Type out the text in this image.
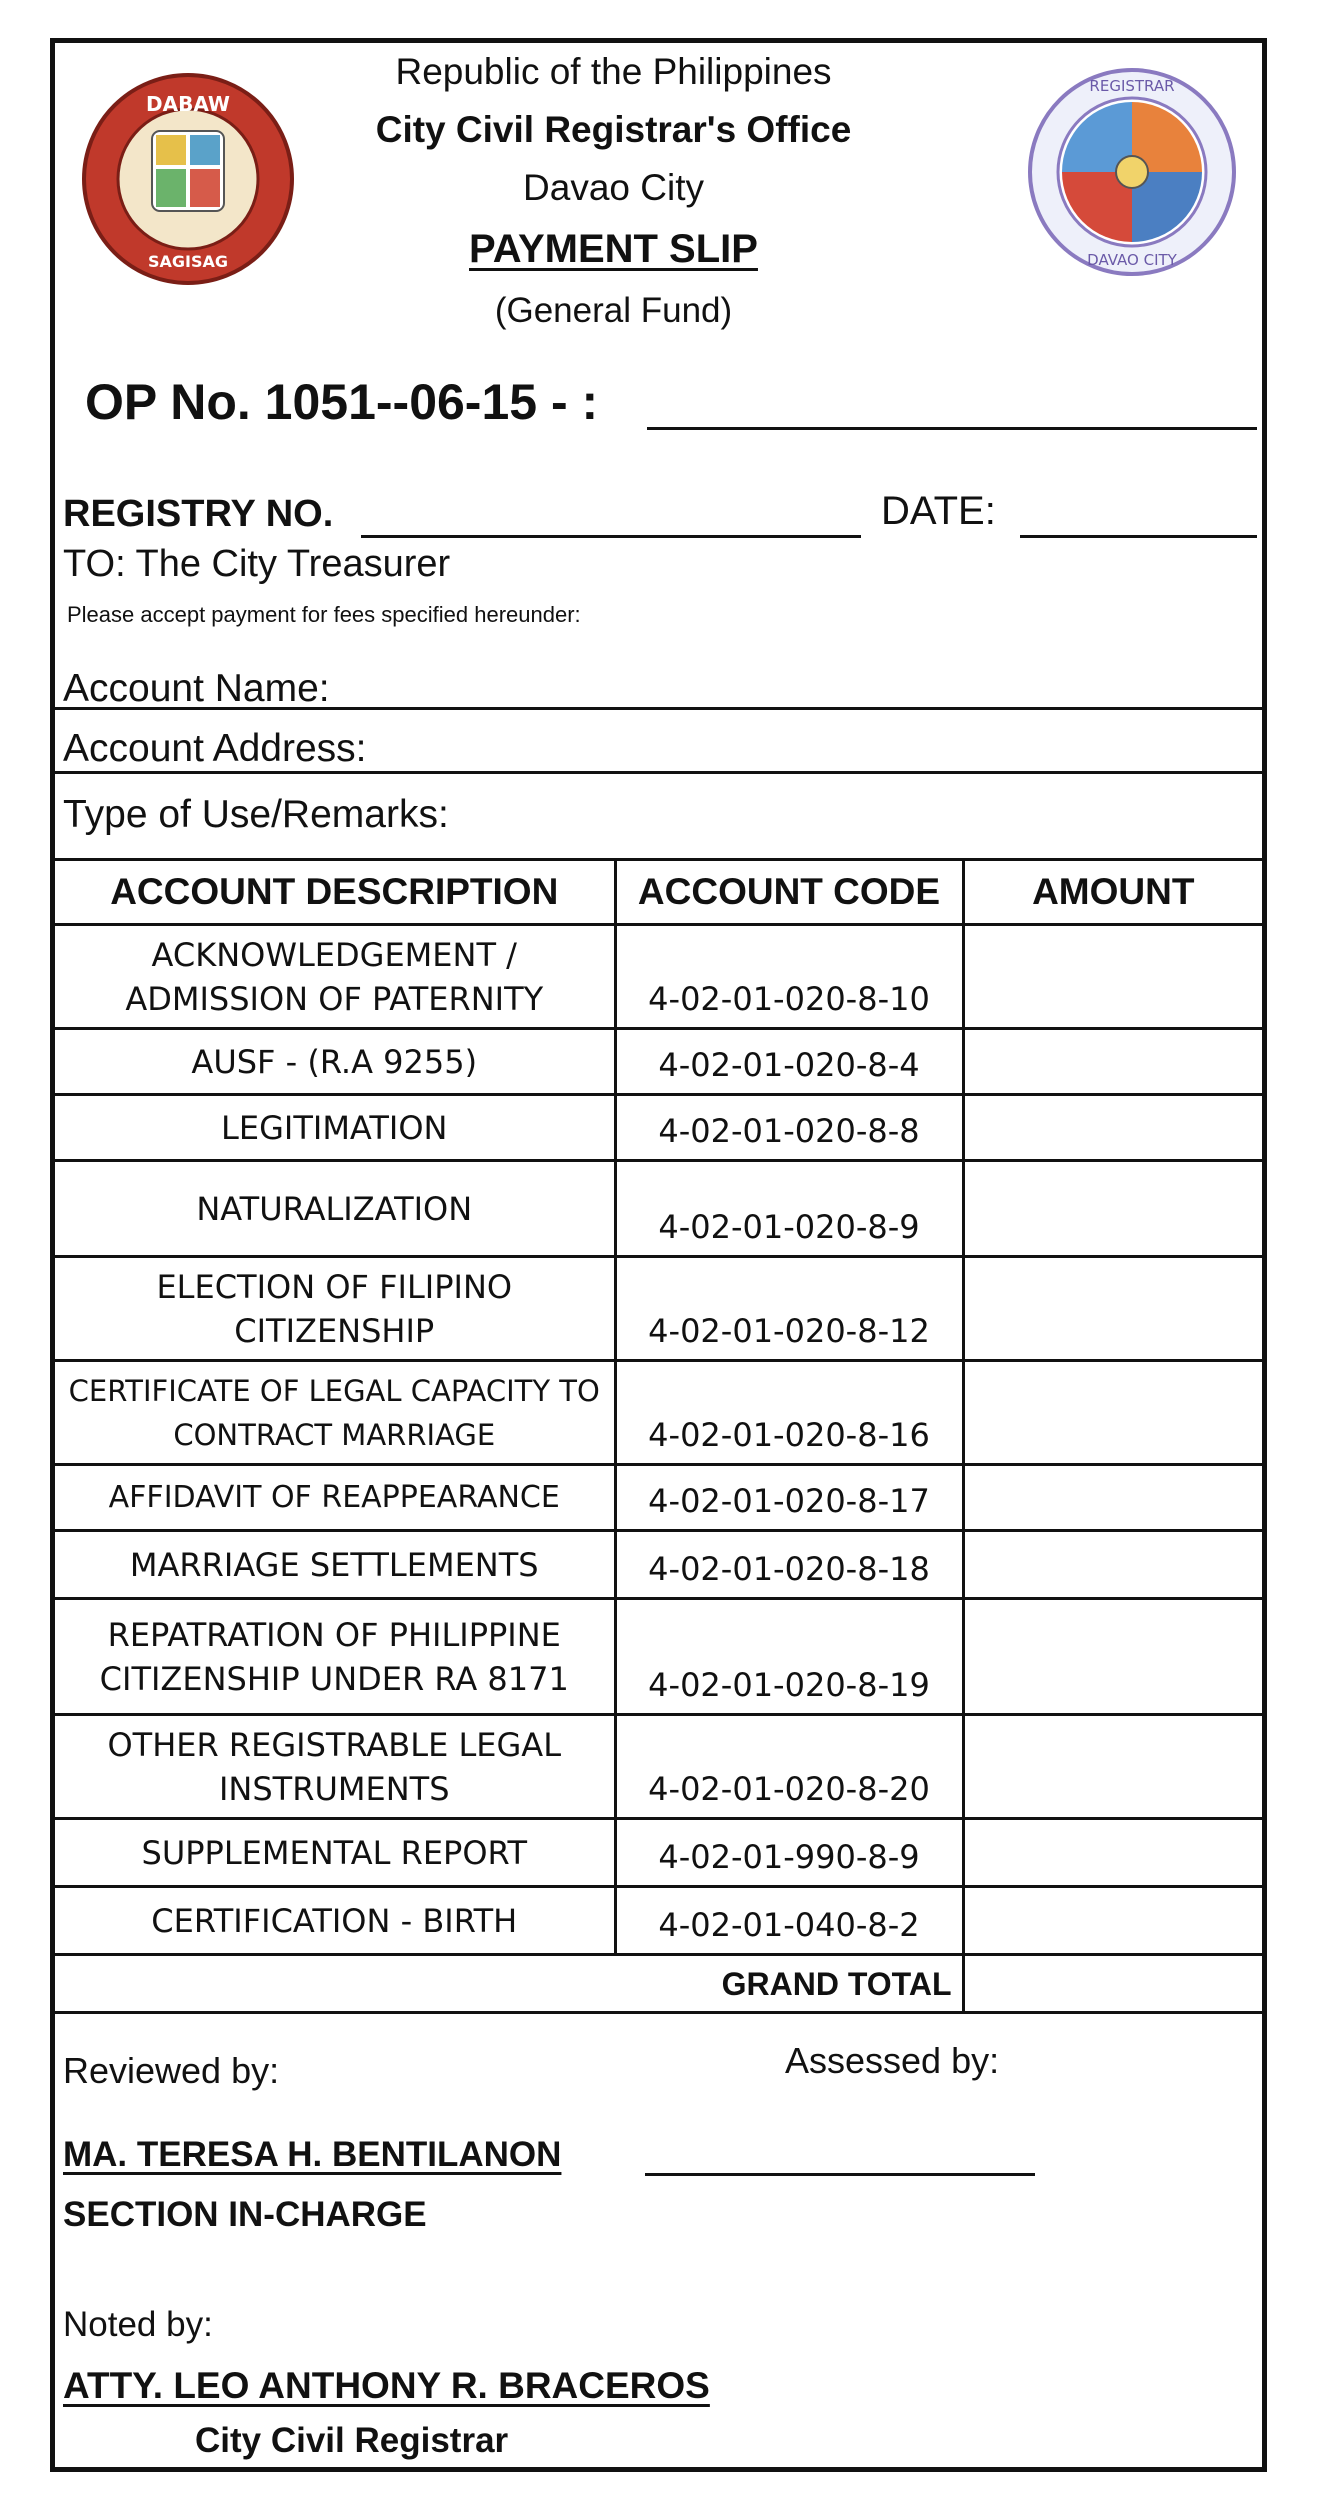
DABAW
SAGISAG
REGISTRAR
DAVAO CITY
Republic of the Philippines
City Civil Registrar's Office
Davao City
PAYMENT SLIP
(General Fund)
OP No. 1051--06-15 - :
REGISTRY NO.	DATE:
TO: The City Treasurer
Please accept payment for fees specified hereunder:
Account Name:
Account Address:
Type of Use/Remarks:
ACCOUNT DESCRIPTION	ACCOUNT CODE	AMOUNT
ACKNOWLEDGEMENT / ADMISSION OF PATERNITY	4-02-01-020-8-10	
AUSF - (R.A 9255)	4-02-01-020-8-4	
LEGITIMATION	4-02-01-020-8-8	
NATURALIZATION	4-02-01-020-8-9	
ELECTION OF FILIPINO CITIZENSHIP	4-02-01-020-8-12	
CERTIFICATE OF LEGAL CAPACITY TO CONTRACT MARRIAGE	4-02-01-020-8-16	
AFFIDAVIT OF REAPPEARANCE	4-02-01-020-8-17	
MARRIAGE SETTLEMENTS	4-02-01-020-8-18	
REPATRATION OF PHILIPPINE CITIZENSHIP UNDER RA 8171	4-02-01-020-8-19	
OTHER REGISTRABLE LEGAL INSTRUMENTS	4-02-01-020-8-20	
SUPPLEMENTAL REPORT	4-02-01-990-8-9	
CERTIFICATION - BIRTH	4-02-01-040-8-2	
GRAND TOTAL		
Reviewed by:	Assessed by:
MA. TERESA H. BENTILANON
SECTION IN-CHARGE
Noted by:
ATTY. LEO ANTHONY R. BRACEROS
City Civil Registrar
